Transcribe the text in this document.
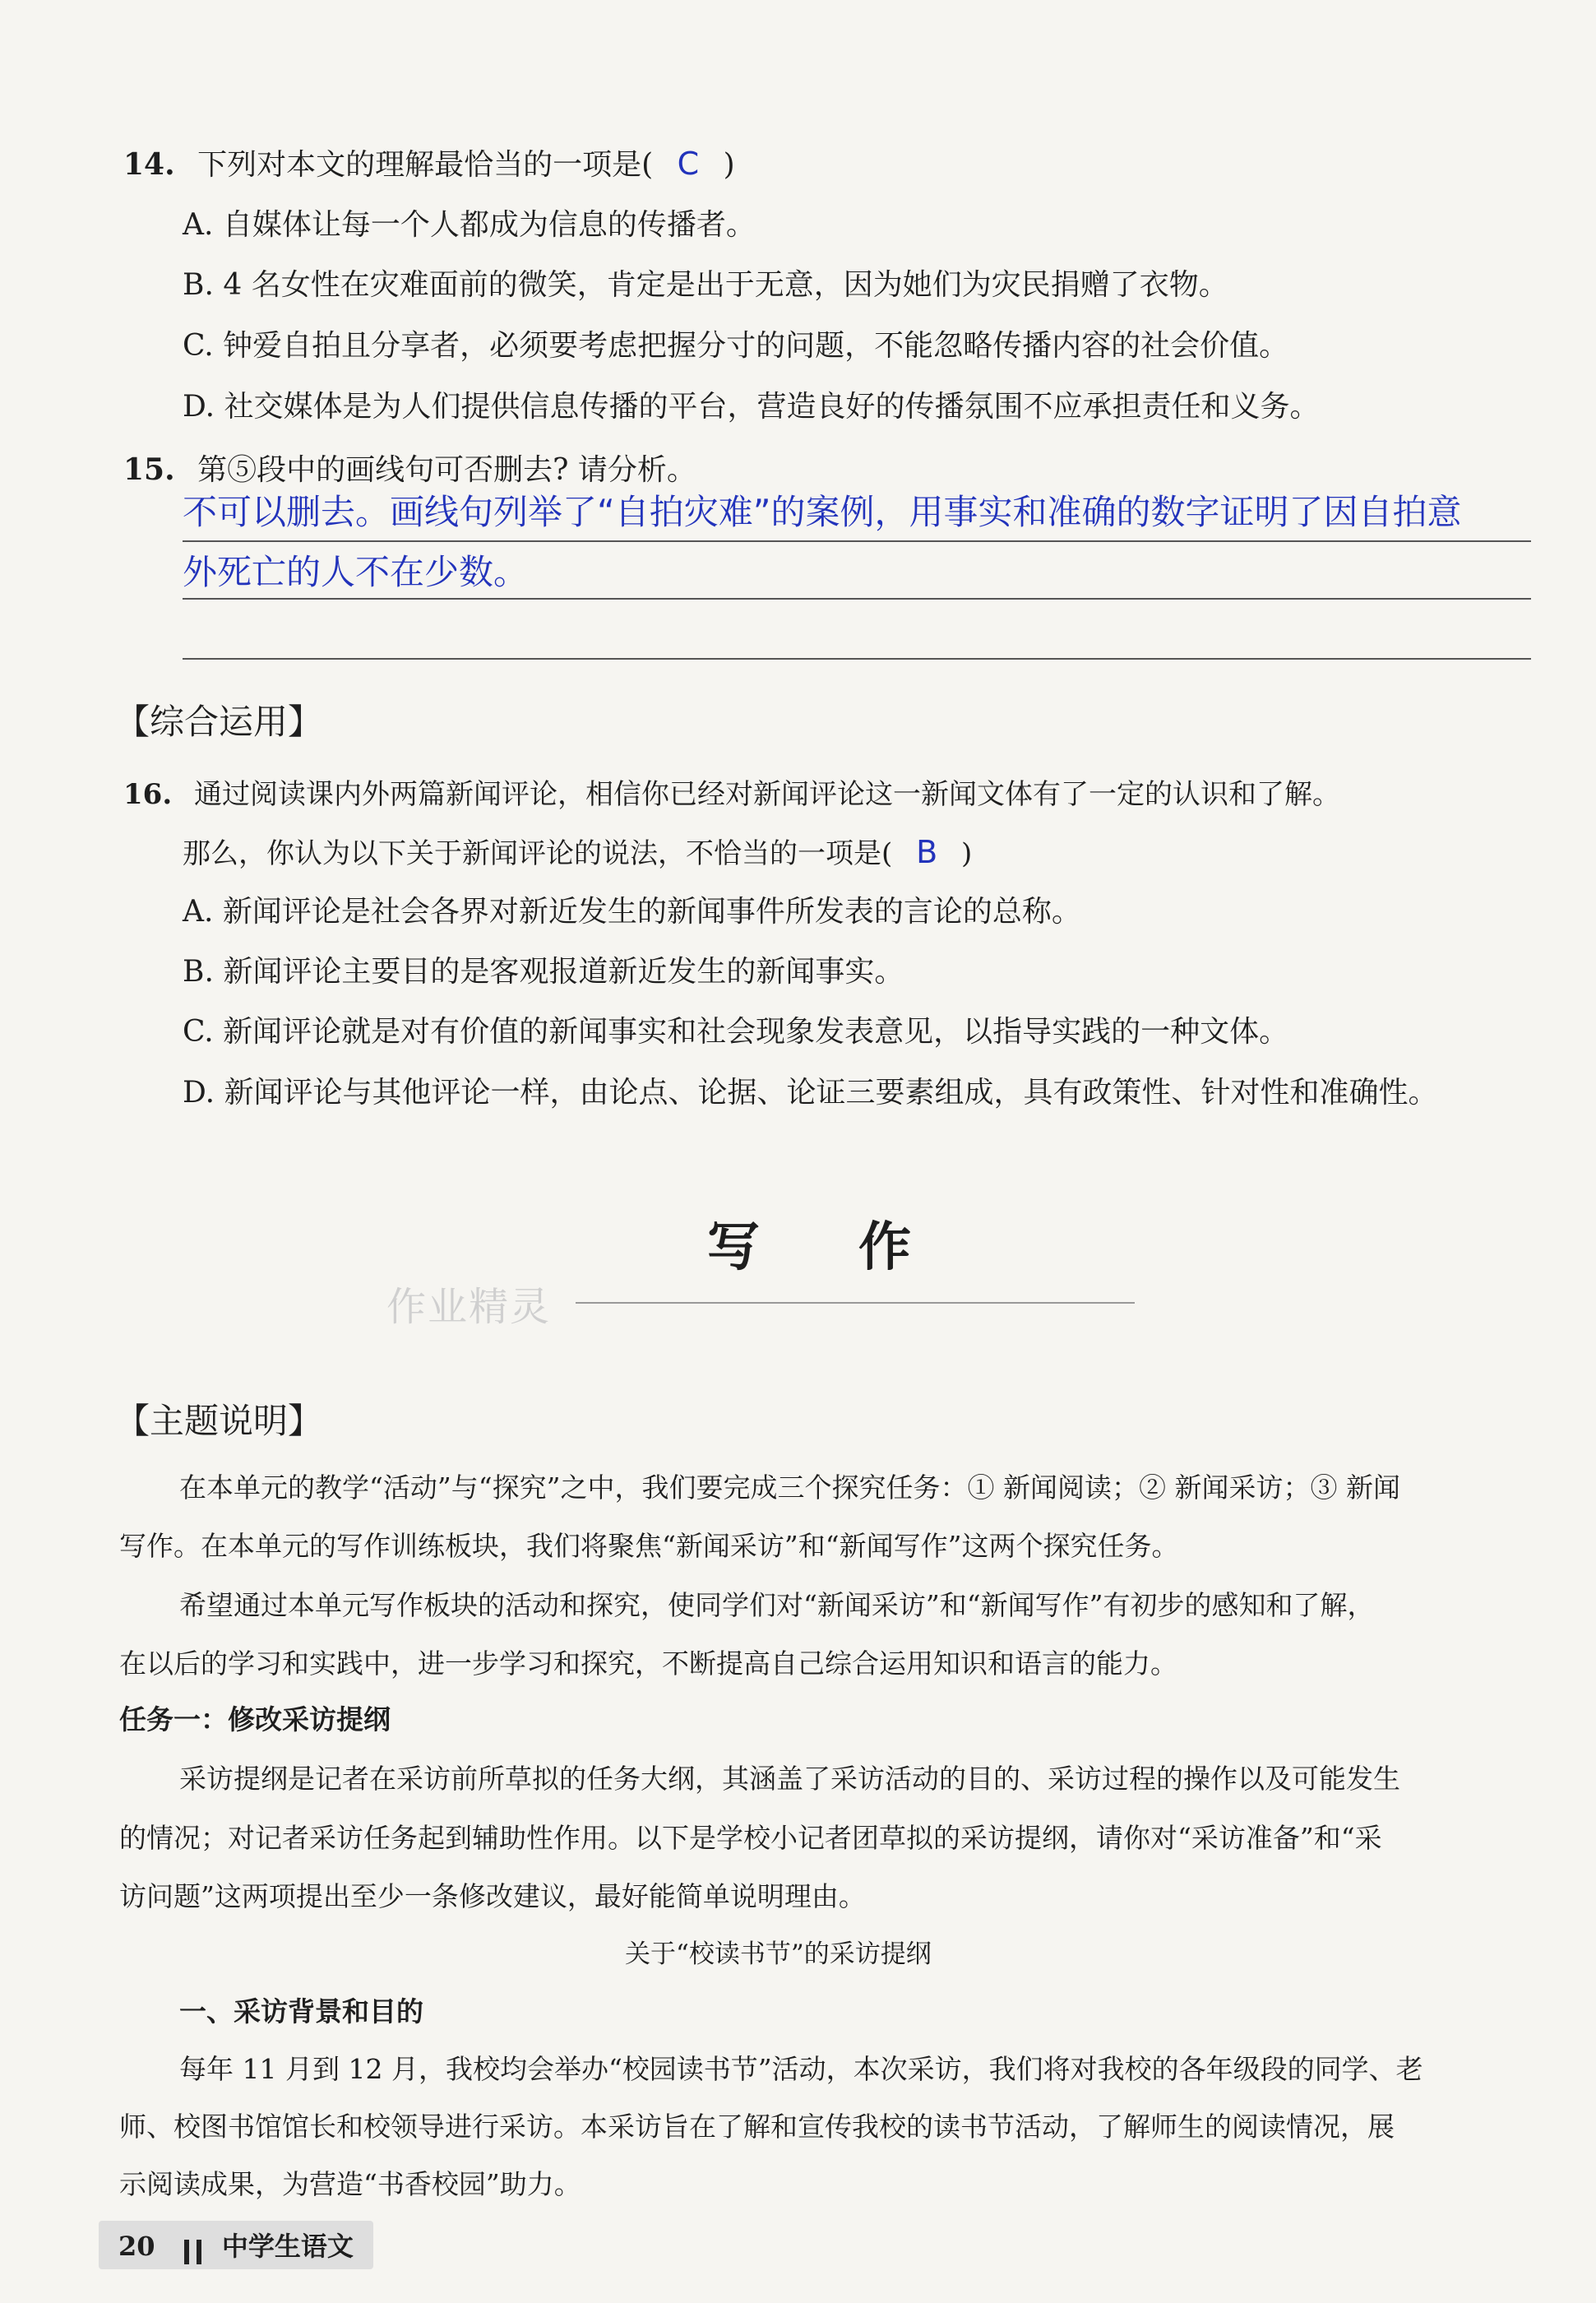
14. 下列对本文的理解最恰当的一项是( C )
A. 自媒体让每一个人都成为信息的传播者。
B. 4 名女性在灾难面前的微笑，肯定是出于无意，因为她们为灾民捐赠了衣物。
C. 钟爱自拍且分享者，必须要考虑把握分寸的问题，不能忽略传播内容的社会价值。
D. 社交媒体是为人们提供信息传播的平台，营造良好的传播氛围不应承担责任和义务。
15. 第⑤段中的画线句可否删去? 请分析。
不可以删去。画线句列举了“自拍灾难”的案例，用事实和准确的数字证明了因自拍意
外死亡的人不在少数。
【综合运用】
16. 通过阅读课内外两篇新闻评论，相信你已经对新闻评论这一新闻文体有了一定的认识和了解。
那么，你认为以下关于新闻评论的说法，不恰当的一项是( B )
A. 新闻评论是社会各界对新近发生的新闻事件所发表的言论的总称。
B. 新闻评论主要目的是客观报道新近发生的新闻事实。
C. 新闻评论就是对有价值的新闻事实和社会现象发表意见，以指导实践的一种文体。
D. 新闻评论与其他评论一样，由论点、论据、论证三要素组成，具有政策性、针对性和准确性。
写作
作业精灵
【主题说明】
在本单元的教学“活动”与“探究”之中，我们要完成三个探究任务：① 新闻阅读；② 新闻采访；③ 新闻
写作。在本单元的写作训练板块，我们将聚焦“新闻采访”和“新闻写作”这两个探究任务。
希望通过本单元写作板块的活动和探究，使同学们对“新闻采访”和“新闻写作”有初步的感知和了解，
在以后的学习和实践中，进一步学习和探究，不断提高自己综合运用知识和语言的能力。
任务一：修改采访提纲
采访提纲是记者在采访前所草拟的任务大纲，其涵盖了采访活动的目的、采访过程的操作以及可能发生
的情况；对记者采访任务起到辅助性作用。以下是学校小记者团草拟的采访提纲，请你对“采访准备”和“采
访问题”这两项提出至少一条修改建议，最好能简单说明理由。
关于“校读书节”的采访提纲
一、采访背景和目的
每年 11 月到 12 月，我校均会举办“校园读书节”活动，本次采访，我们将对我校的各年级段的同学、老
师、校图书馆馆长和校领导进行采访。本采访旨在了解和宣传我校的读书节活动，了解师生的阅读情况，展
示阅读成果，为营造“书香校园”助力。
20	中学生语文
